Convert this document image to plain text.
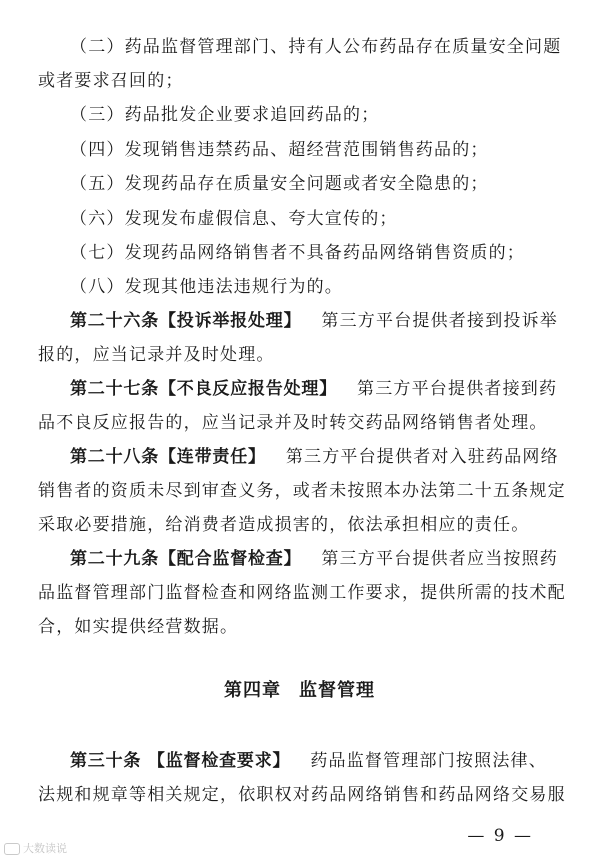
（二）药品监督管理部门、持有人公布药品存在质量安全问题
或者要求召回的；
（三）药品批发企业要求追回药品的；
（四）发现销售违禁药品、超经营范围销售药品的；
（五）发现药品存在质量安全问题或者安全隐患的；
（六）发现发布虚假信息、夸大宣传的；
（七）发现药品网络销售者不具备药品网络销售资质的；
（八）发现其他违法违规行为的。
第二十六条【投诉举报处理】 第三方平台提供者接到投诉举
报的，应当记录并及时处理。
第二十七条【不良反应报告处理】 第三方平台提供者接到药
品不良反应报告的，应当记录并及时转交药品网络销售者处理。
第二十八条【连带责任】 第三方平台提供者对入驻药品网络
销售者的资质未尽到审查义务，或者未按照本办法第二十五条规定
采取必要措施，给消费者造成损害的，依法承担相应的责任。
第二十九条【配合监督检查】 第三方平台提供者应当按照药
品监督管理部门监督检查和网络监测工作要求，提供所需的技术配
合，如实提供经营数据。
第四章 监督管理
第三十条 【监督检查要求】 药品监督管理部门按照法律、
法规和规章等相关规定，依职权对药品网络销售和药品网络交易服
— 9 —
大数读说
